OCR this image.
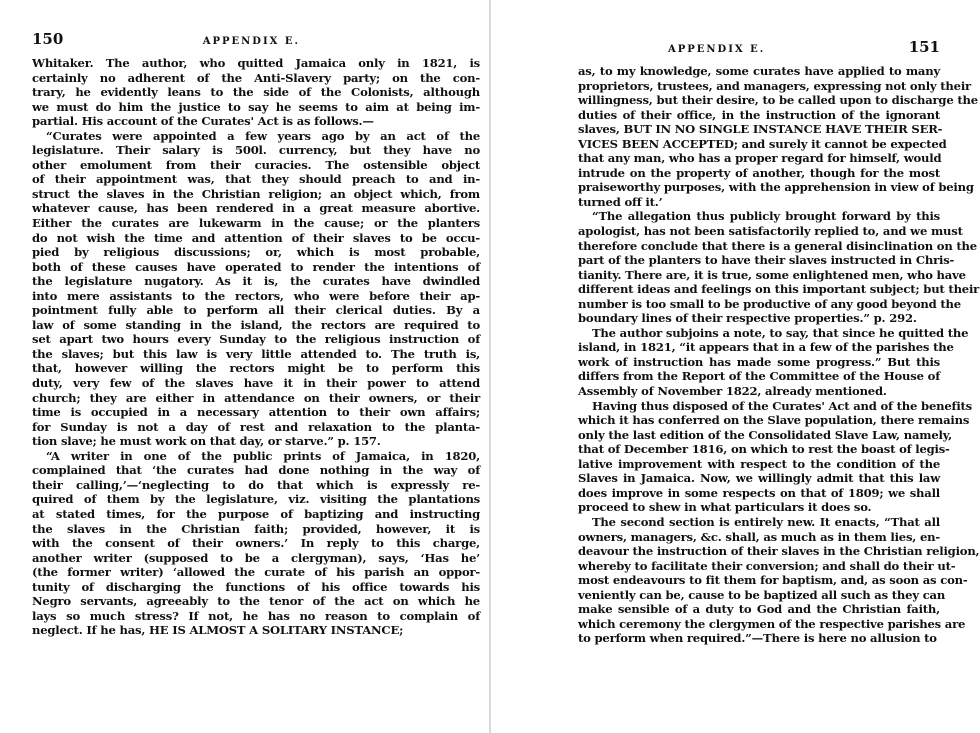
150	APPENDIX E.
Whitaker. The author, who quitted Jamaica only in 1821, is
certainly no adherent of the Anti-Slavery party; on the con-
trary, he evidently leans to the side of the Colonists, although
we must do him the justice to say he seems to aim at being im-
partial. His account of the Curates' Act is as follows.—
“Curates were appointed a few years ago by an act of the
legislature. Their salary is 500l. currency, but they have no
other emolument from their curacies. The ostensible object
of their appointment was, that they should preach to and in-
struct the slaves in the Christian religion; an object which, from
whatever cause, has been rendered in a great measure abortive.
Either the curates are lukewarm in the cause; or the planters
do not wish the time and attention of their slaves to be occu-
pied by religious discussions; or, which is most probable,
both of these causes have operated to render the intentions of
the legislature nugatory. As it is, the curates have dwindled
into mere assistants to the rectors, who were before their ap-
pointment fully able to perform all their clerical duties. By a
law of some standing in the island, the rectors are required to
set apart two hours every Sunday to the religious instruction of
the slaves; but this law is very little attended to. The truth is,
that, however willing the rectors might be to perform this
duty, very few of the slaves have it in their power to attend
church; they are either in attendance on their owners, or their
time is occupied in a necessary attention to their own affairs;
for Sunday is not a day of rest and relaxation to the planta-
tion slave; he must work on that day, or starve.” p. 157.
“A writer in one of the public prints of Jamaica, in 1820,
complained that ‘the curates had done nothing in the way of
their calling,’—‘neglecting to do that which is expressly re-
quired of them by the legislature, viz. visiting the plantations
at stated times, for the purpose of baptizing and instructing
the slaves in the Christian faith; provided, however, it is
with the consent of their owners.’ In reply to this charge,
another writer (supposed to be a clergyman), says, ‘Has he’
(the former writer) ‘allowed the curate of his parish an oppor-
tunity of discharging the functions of his office towards his
Negro servants, agreeably to the tenor of the act on which he
lays so much stress? If not, he has no reason to complain of
neglect. If he has, HE IS ALMOST A SOLITARY INSTANCE;
APPENDIX E.	151
as, to my knowledge, some curates have applied to many
proprietors, trustees, and managers, expressing not only their
willingness, but their desire, to be called upon to discharge the
duties of their office, in the instruction of the ignorant
slaves, BUT IN NO SINGLE INSTANCE HAVE THEIR SER-
VICES BEEN ACCEPTED; and surely it cannot be expected
that any man, who has a proper regard for himself, would
intrude on the property of another, though for the most
praiseworthy purposes, with the apprehension in view of being
turned off it.’
“The allegation thus publicly brought forward by this
apologist, has not been satisfactorily replied to, and we must
therefore conclude that there is a general disinclination on the
part of the planters to have their slaves instructed in Chris-
tianity. There are, it is true, some enlightened men, who have
different ideas and feelings on this important subject; but their
number is too small to be productive of any good beyond the
boundary lines of their respective properties.” p. 292.
The author subjoins a note, to say, that since he quitted the
island, in 1821, “it appears that in a few of the parishes the
work of instruction has made some progress.” But this
differs from the Report of the Committee of the House of
Assembly of November 1822, already mentioned.
Having thus disposed of the Curates' Act and of the benefits
which it has conferred on the Slave population, there remains
only the last edition of the Consolidated Slave Law, namely,
that of December 1816, on which to rest the boast of legis-
lative improvement with respect to the condition of the
Slaves in Jamaica. Now, we willingly admit that this law
does improve in some respects on that of 1809; we shall
proceed to shew in what particulars it does so.
The second section is entirely new. It enacts, “That all
owners, managers, &c. shall, as much as in them lies, en-
deavour the instruction of their slaves in the Christian religion,
whereby to facilitate their conversion; and shall do their ut-
most endeavours to fit them for baptism, and, as soon as con-
veniently can be, cause to be baptized all such as they can
make sensible of a duty to God and the Christian faith,
which ceremony the clergymen of the respective parishes are
to perform when required.”—There is here no allusion to
